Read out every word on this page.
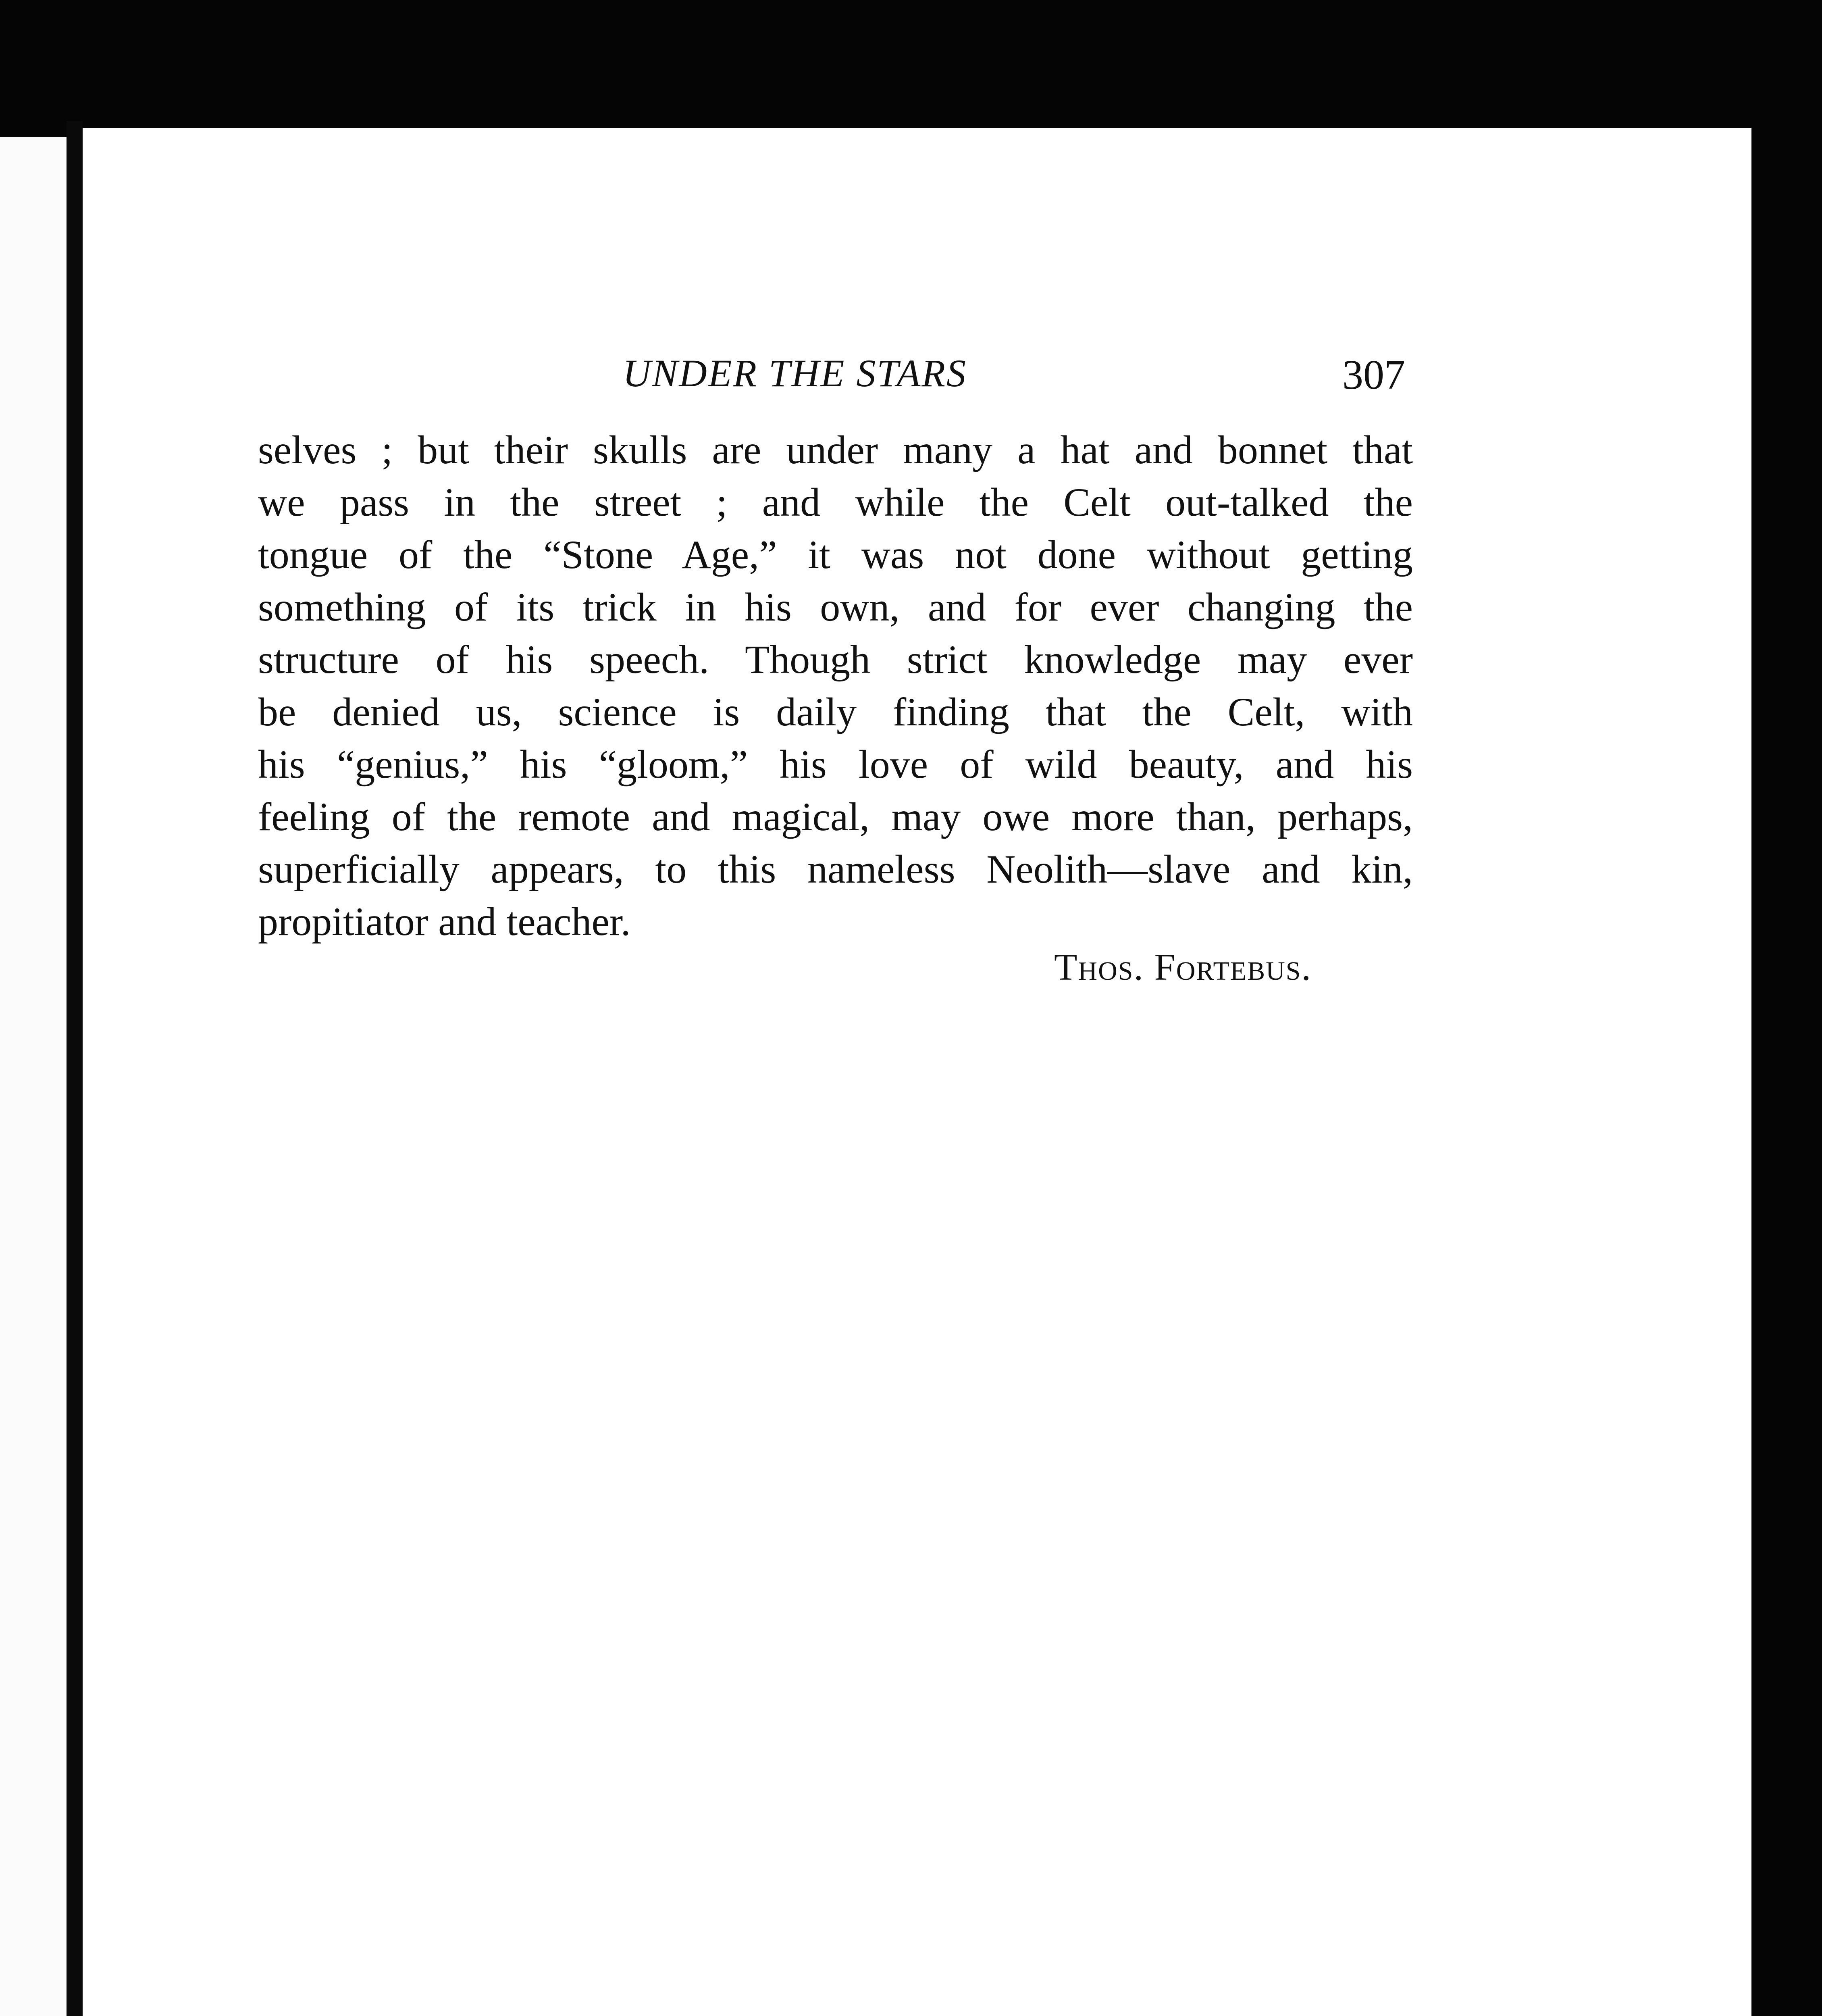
UNDER THE STARS	307
selves ; but their skulls are under many a hat and bonnet that
we pass in the street ; and while the Celt out-talked the
tongue of the “Stone Age,” it was not done without getting
something of its trick in his own, and for ever changing the
structure of his speech. Though strict knowledge may ever
be denied us, science is daily finding that the Celt, with
his “genius,” his “gloom,” his love of wild beauty, and his
feeling of the remote and magical, may owe more than, perhaps,
superficially appears, to this nameless Neolith—slave and kin,
propitiator and teacher.
Thos. Fortebus.
